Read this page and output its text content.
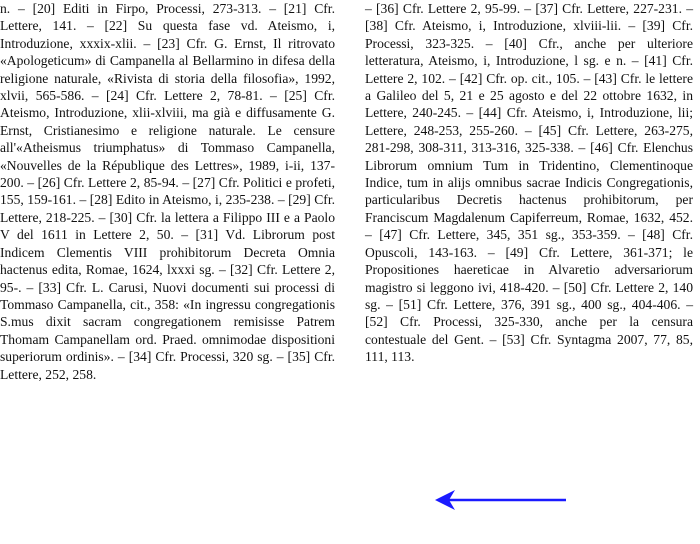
n. – [20] Editi in Firpo, Processi, 273-313. – [21] Cfr. Lettere, 141. – [22] Su questa fase vd. Ateismo, i, Introduzione, xxxix-xlii. – [23] Cfr. G. Ernst, Il ritrovato «Apologeticum» di Campanella al Bellarmino in difesa della religione naturale, «Rivista di storia della filosofia», 1992, xlvii, 565-586. – [24] Cfr. Lettere 2, 78-81. – [25] Cfr. Ateismo, Introduzione, xlii-xlviii, ma già e diffusamente G. Ernst, Cristianesimo e religione naturale. Le censure all'«Atheismus triumphatus» di Tommaso Campanella, «Nouvelles de la République des Lettres», 1989, i-ii, 137-200. – [26] Cfr. Lettere 2, 85-94. – [27] Cfr. Politici e profeti, 155, 159-161. – [28] Edito in Ateismo, i, 235-238. – [29] Cfr. Lettere, 218-225. – [30] Cfr. la lettera a Filippo III e a Paolo V del 1611 in Lettere 2, 50. – [31] Vd. Librorum post Indicem Clementis VIII prohibitorum Decreta Omnia hactenus edita, Romae, 1624, lxxxi sg. – [32] Cfr. Lettere 2, 95-. – [33] Cfr. L. Carusi, Nuovi documenti sui processi di Tommaso Campanella, cit., 358: «In ingressu congregationis S.mus dixit sacram congregationem remisisse Patrem Thomam Campanellam ord. Praed. omnimodae dispositioni superiorum ordinis». – [34] Cfr. Processi, 320 sg. – [35] Cfr. Lettere, 252, 258.

– [36] Cfr. Lettere 2, 95-99. – [37] Cfr. Lettere, 227-231. – [38] Cfr. Ateismo, i, Introduzione, xlviii-lii. – [39] Cfr. Processi, 323-325. – [40] Cfr., anche per ulteriore letteratura, Ateismo, i, Introduzione, l sg. e n. – [41] Cfr. Lettere 2, 102. – [42] Cfr. op. cit., 105. – [43] Cfr. le lettere a Galileo del 5, 21 e 25 agosto e del 22 ottobre 1632, in Lettere, 240-245. – [44] Cfr. Ateismo, i, Introduzione, lii; Lettere, 248-253, 255-260. – [45] Cfr. Lettere, 263-275, 281-298, 308-311, 313-316, 325-338. – [46] Cfr. Elenchus Librorum omnium Tum in Tridentino, Clementinoque Indice, tum in alijs omnibus sacrae Indicis Congregationis, particularibus Decretis hactenus prohibitorum, per Franciscum Magdalenum Capiferreum, Romae, 1632, 452. – [47] Cfr. Lettere, 345, 351 sg., 353-359. – [48] Cfr. Opuscoli, 143-163. – [49] Cfr. Lettere, 361-371; le Propositiones haereticae in Alvaretio adversariorum magistro si leggono ivi, 418-420. – [50] Cfr. Lettere 2, 140 sg. – [51] Cfr. Lettere, 376, 391 sg., 400 sg., 404-406. – [52] Cfr. Processi, 325-330, anche per la censura contestuale del Gent. – [53] Cfr. Syntagma 2007, 77, 85, 111, 113.
